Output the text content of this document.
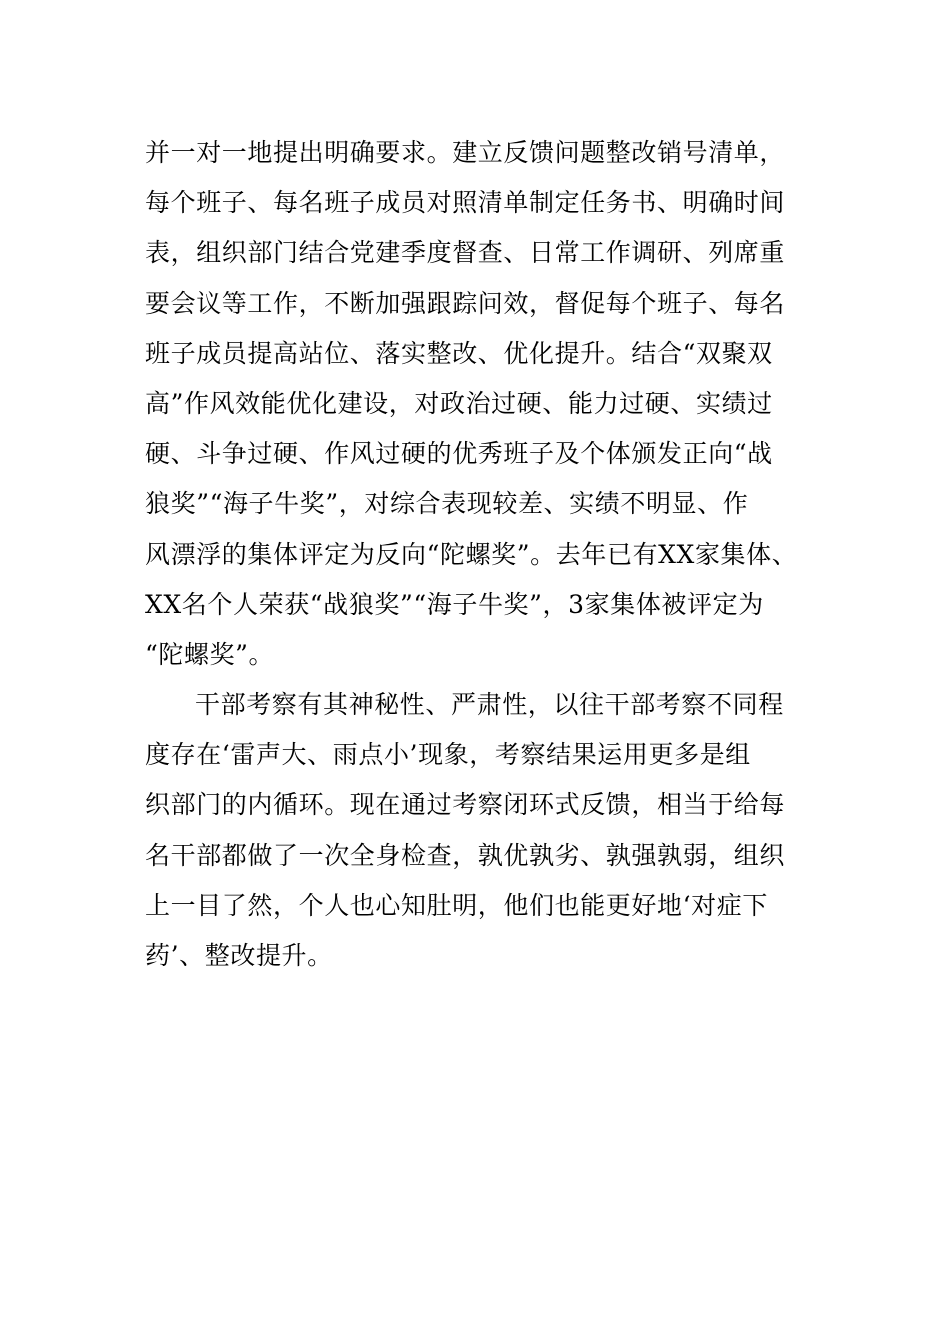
并一对一地提出明确要求。建立反馈问题整改销号清单，
每个班子、每名班子成员对照清单制定任务书、明确时间
表，组织部门结合党建季度督查、日常工作调研、列席重
要会议等工作，不断加强跟踪问效，督促每个班子、每名
班子成员提高站位、落实整改、优化提升。结合“双聚双
高”作风效能优化建设，对政治过硬、能力过硬、实绩过
硬、斗争过硬、作风过硬的优秀班子及个体颁发正向“战
狼奖”“海子牛奖”，对综合表现较差、实绩不明显、作
风漂浮的集体评定为反向“陀螺奖”。去年已有XX家集体、
XX名个人荣获“战狼奖”“海子牛奖”，3家集体被评定为
“陀螺奖”。
干部考察有其神秘性、严肃性，以往干部考察不同程
度存在‘雷声大、雨点小’现象，考察结果运用更多是组
织部门的内循环。现在通过考察闭环式反馈，相当于给每
名干部都做了一次全身检查，孰优孰劣、孰强孰弱，组织
上一目了然，个人也心知肚明，他们也能更好地‘对症下
药’、整改提升。
